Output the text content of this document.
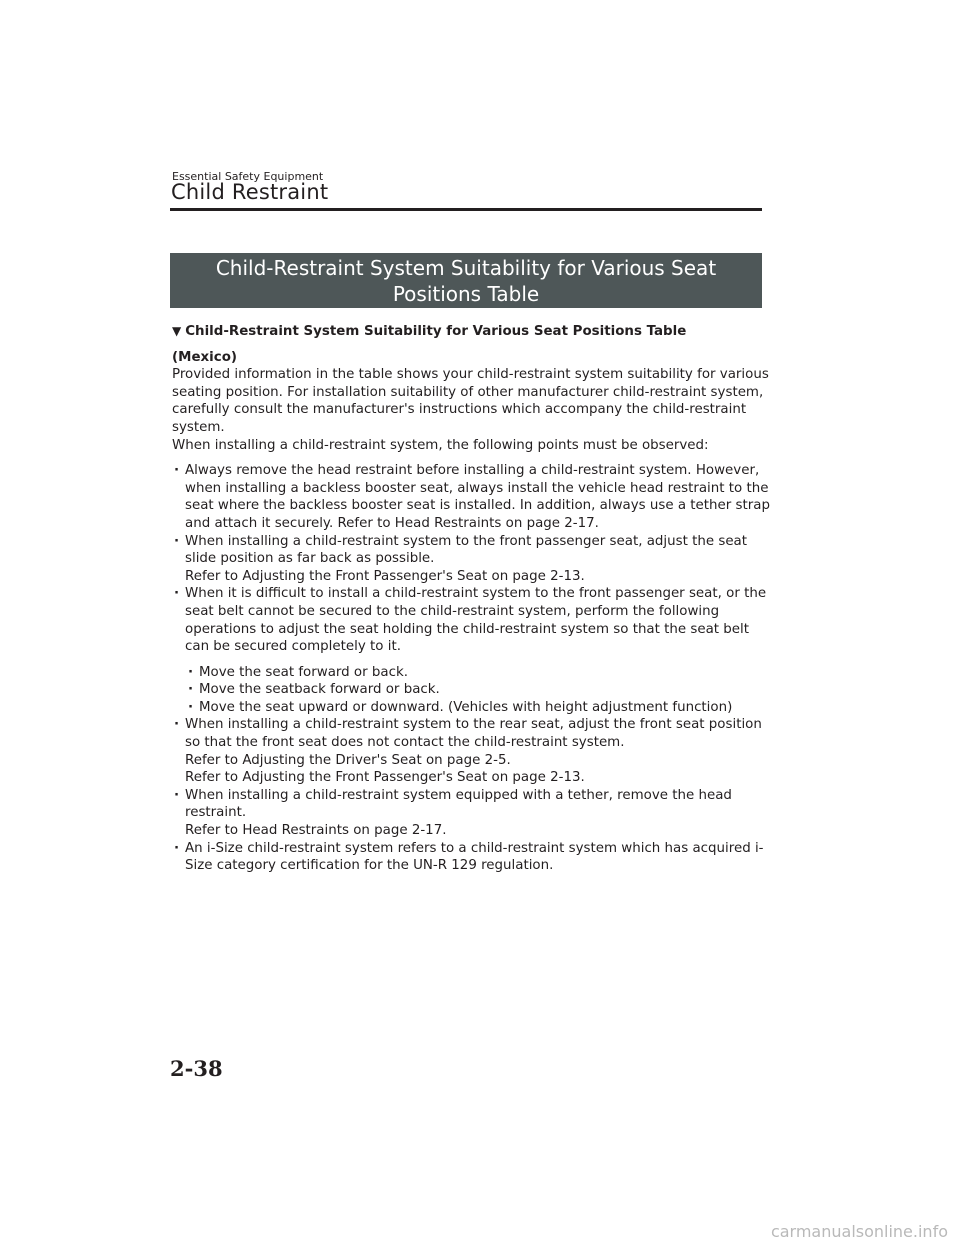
Essential Safety Equipment
Child Restraint
Child-Restraint System Suitability for Various Seat Positions Table

▼ Child-Restraint System Suitability for Various Seat Positions Table

(Mexico)

Provided information in the table shows your child-restraint system suitability for various seating position. For installation suitability of other manufacturer child-restraint system, carefully consult the manufacturer's instructions which accompany the child-restraint system.

When installing a child-restraint system, the following points must be observed:

· Always remove the head restraint before installing a child-restraint system. However, when installing a backless booster seat, always install the vehicle head restraint to the seat where the backless booster seat is installed. In addition, always use a tether strap and attach it securely. Refer to Head Restraints on page 2-17.
· When installing a child-restraint system to the front passenger seat, adjust the seat slide position as far back as possible.

Refer to Adjusting the Front Passenger's Seat on page 2-13.

· When it is difficult to install a child-restraint system to the front passenger seat, or the seat belt cannot be secured to the child-restraint system, perform the following operations to adjust the seat holding the child-restraint system so that the seat belt can be secured completely to it.
· Move the seat forward or back.
· Move the seatback forward or back.
· Move the seat upward or downward. (Vehicles with height adjustment function)
· When installing a child-restraint system to the rear seat, adjust the front seat position so that the front seat does not contact the child-restraint system.

Refer to Adjusting the Driver's Seat on page 2-5.

Refer to Adjusting the Front Passenger's Seat on page 2-13.

· When installing a child-restraint system equipped with a tether, remove the head restraint.

Refer to Head Restraints on page 2-17.

· An i-Size child-restraint system refers to a child-restraint system which has acquired i-Size category certification for the UN-R 129 regulation.
2-38
carmanualsonline.info
